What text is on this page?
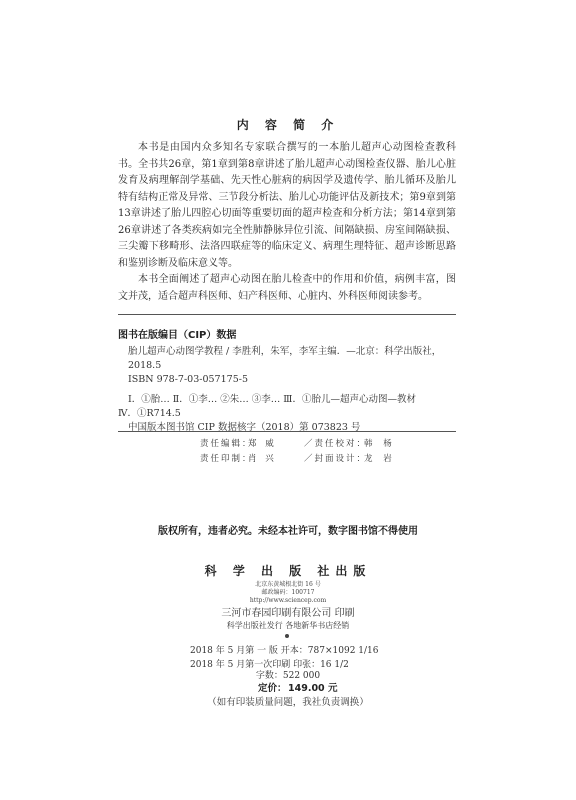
内 容 简 介

本书是由国内众多知名专家联合撰写的一本胎儿超声心动图检查教科书。全书共26章，第1章到第8章讲述了胎儿超声心动图检查仪器、胎儿心脏发育及病理解剖学基础、先天性心脏病的病因学及遗传学、胎儿循环及胎儿特有结构正常及异常、三节段分析法、胎儿心功能评估及新技术；第9章到第13章讲述了胎儿四腔心切面等重要切面的超声检查和分析方法；第14章到第26章讲述了各类疾病如完全性肺静脉异位引流、间隔缺损、房室间隔缺损、三尖瓣下移畸形、法洛四联症等的临床定义、病理生理特征、超声诊断思路和鉴别诊断及临床意义等。

本书全面阐述了超声心动图在胎儿检查中的作用和价值，病例丰富，图文并茂，适合超声科医师、妇产科医师、心脏内、外科医师阅读参考。

图书在版编目（CIP）数据
胎儿超声心动图学教程 / 李胜利，朱军，李军主编．—北京：科学出版社，
2018.5
ISBN 978-7-03-057175-5
Ⅰ．①胎… Ⅱ．①李… ②朱… ③李… Ⅲ．①胎儿—超声心动图—教材
Ⅳ．①R714.5
中国版本图书馆 CIP 数据核字（2018）第 073823 号
责任编辑：
郑 威	／责任校对：
韩 杨
责任印制：
肖 兴	／封面设计：
龙 岩
版权所有，违者必究。未经本社许可，数字图书馆不得使用
科 学 出 版 社出版
北京东黄城根北街 16 号
邮政编码：100717
http://www.sciencep.com
三河市春园印刷有限公司 印刷
科学出版社发行 各地新华书店经销
2018 年 5 月第 一 版 开本：787×1092 1/16
2018 年 5 月第一次印刷 印张：16 1/2
字数：522 000
定价： 149.00 元
（如有印装质量问题，我社负责调换）
